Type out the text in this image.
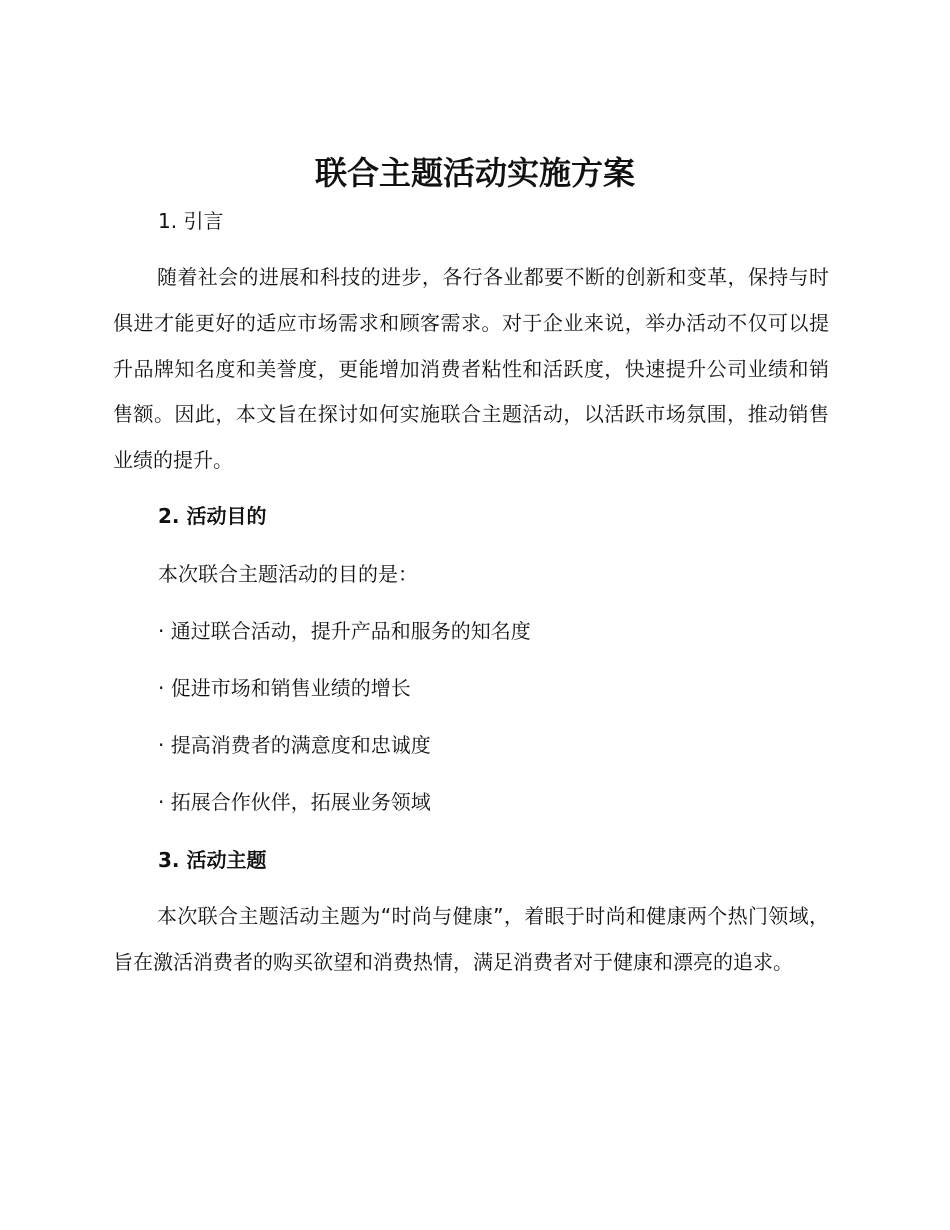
联合主题活动实施方案
1. 引言

随着社会的进展和科技的进步，各行各业都要不断的创新和变革，保持与时俱进才能更好的适应市场需求和顾客需求。对于企业来说，举办活动不仅可以提升品牌知名度和美誉度，更能增加消费者粘性和活跃度，快速提升公司业绩和销售额。因此，本文旨在探讨如何实施联合主题活动，以活跃市场氛围，推动销售业绩的提升。

2. 活动目的

本次联合主题活动的目的是：

· 通过联合活动，提升产品和服务的知名度

· 促进市场和销售业绩的增长

· 提高消费者的满意度和忠诚度

· 拓展合作伙伴，拓展业务领域

3. 活动主题

本次联合主题活动主题为“时尚与健康”，着眼于时尚和健康两个热门领域，旨在激活消费者的购买欲望和消费热情，满足消费者对于健康和漂亮的追求。
